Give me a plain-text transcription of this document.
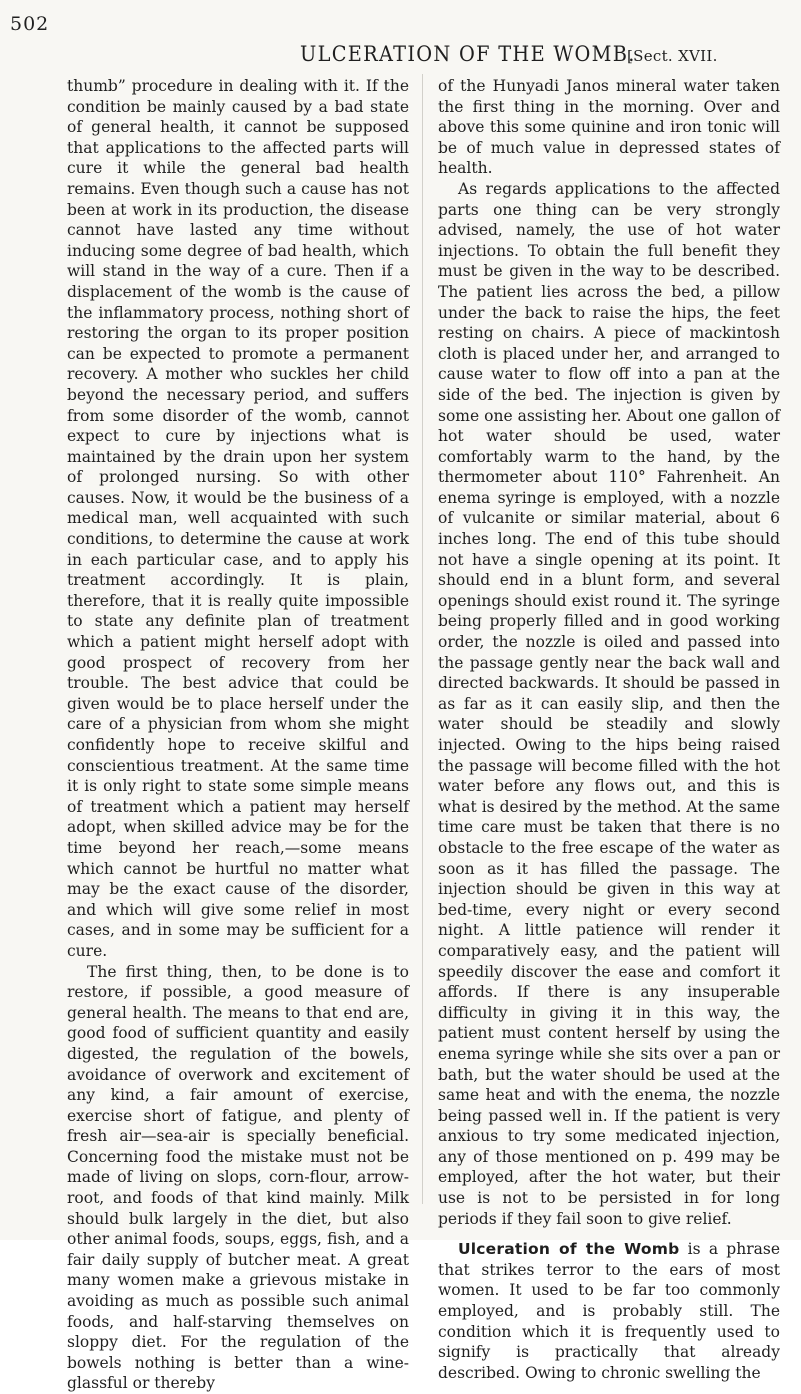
502
ULCERATION OF THE WOMB.
[Sect. XVII.

thumb” procedure in dealing with it. If the condition be mainly caused by a bad state of general health, it cannot be supposed that applications to the affected parts will cure it while the general bad health remains. Even though such a cause has not been at work in its production, the disease cannot have lasted any time without inducing some degree of bad health, which will stand in the way of a cure. Then if a displacement of the womb is the cause of the inflammatory process, nothing short of restoring the organ to its proper position can be expected to promote a permanent recovery. A mother who suckles her child beyond the necessary period, and suffers from some disorder of the womb, cannot expect to cure by injections what is maintained by the drain upon her system of prolonged nursing. So with other causes. Now, it would be the business of a medical man, well acquainted with such conditions, to determine the cause at work in each particular case, and to apply his treatment accordingly. It is plain, therefore, that it is really quite impossible to state any definite plan of treatment which a patient might herself adopt with good prospect of recovery from her trouble. The best advice that could be given would be to place herself under the care of a physician from whom she might confidently hope to receive skilful and conscientious treatment. At the same time it is only right to state some simple means of treatment which a patient may herself adopt, when skilled advice may be for the time beyond her reach,—some means which cannot be hurtful no matter what may be the exact cause of the disorder, and which will give some relief in most cases, and in some may be sufficient for a cure.

The first thing, then, to be done is to restore, if possible, a good measure of general health. The means to that end are, good food of sufficient quantity and easily digested, the regulation of the bowels, avoidance of overwork and excitement of any kind, a fair amount of exercise, exercise short of fatigue, and plenty of fresh air—sea-air is specially beneficial. Concerning food the mistake must not be made of living on slops, corn-flour, arrow-root, and foods of that kind mainly. Milk should bulk largely in the diet, but also other animal foods, soups, eggs, fish, and a fair daily supply of butcher meat. A great many women make a grievous mistake in avoiding as much as possible such animal foods, and half-starving themselves on sloppy diet. For the regulation of the bowels nothing is better than a wine-glassful or thereby

of the Hunyadi Janos mineral water taken the first thing in the morning. Over and above this some quinine and iron tonic will be of much value in depressed states of health.

As regards applications to the affected parts one thing can be very strongly advised, namely, the use of hot water injections. To obtain the full benefit they must be given in the way to be described. The patient lies across the bed, a pillow under the back to raise the hips, the feet resting on chairs. A piece of mackintosh cloth is placed under her, and arranged to cause water to flow off into a pan at the side of the bed. The injection is given by some one assisting her. About one gallon of hot water should be used, water comfortably warm to the hand, by the thermometer about 110° Fahrenheit. An enema syringe is employed, with a nozzle of vulcanite or similar material, about 6 inches long. The end of this tube should not have a single opening at its point. It should end in a blunt form, and several openings should exist round it. The syringe being properly filled and in good working order, the nozzle is oiled and passed into the passage gently near the back wall and directed backwards. It should be passed in as far as it can easily slip, and then the water should be steadily and slowly injected. Owing to the hips being raised the passage will become filled with the hot water before any flows out, and this is what is desired by the method. At the same time care must be taken that there is no obstacle to the free escape of the water as soon as it has filled the passage. The injection should be given in this way at bed-time, every night or every second night. A little patience will render it comparatively easy, and the patient will speedily discover the ease and comfort it affords. If there is any insuperable difficulty in giving it in this way, the patient must content herself by using the enema syringe while she sits over a pan or bath, but the water should be used at the same heat and with the enema, the nozzle being passed well in. If the patient is very anxious to try some medicated injection, any of those mentioned on p. 499 may be employed, after the hot water, but their use is not to be persisted in for long periods if they fail soon to give relief.

Ulceration of the Womb is a phrase that strikes terror to the ears of most women. It used to be far too commonly employed, and is probably still. The condition which it is frequently used to signify is practically that already described. Owing to chronic swelling the
